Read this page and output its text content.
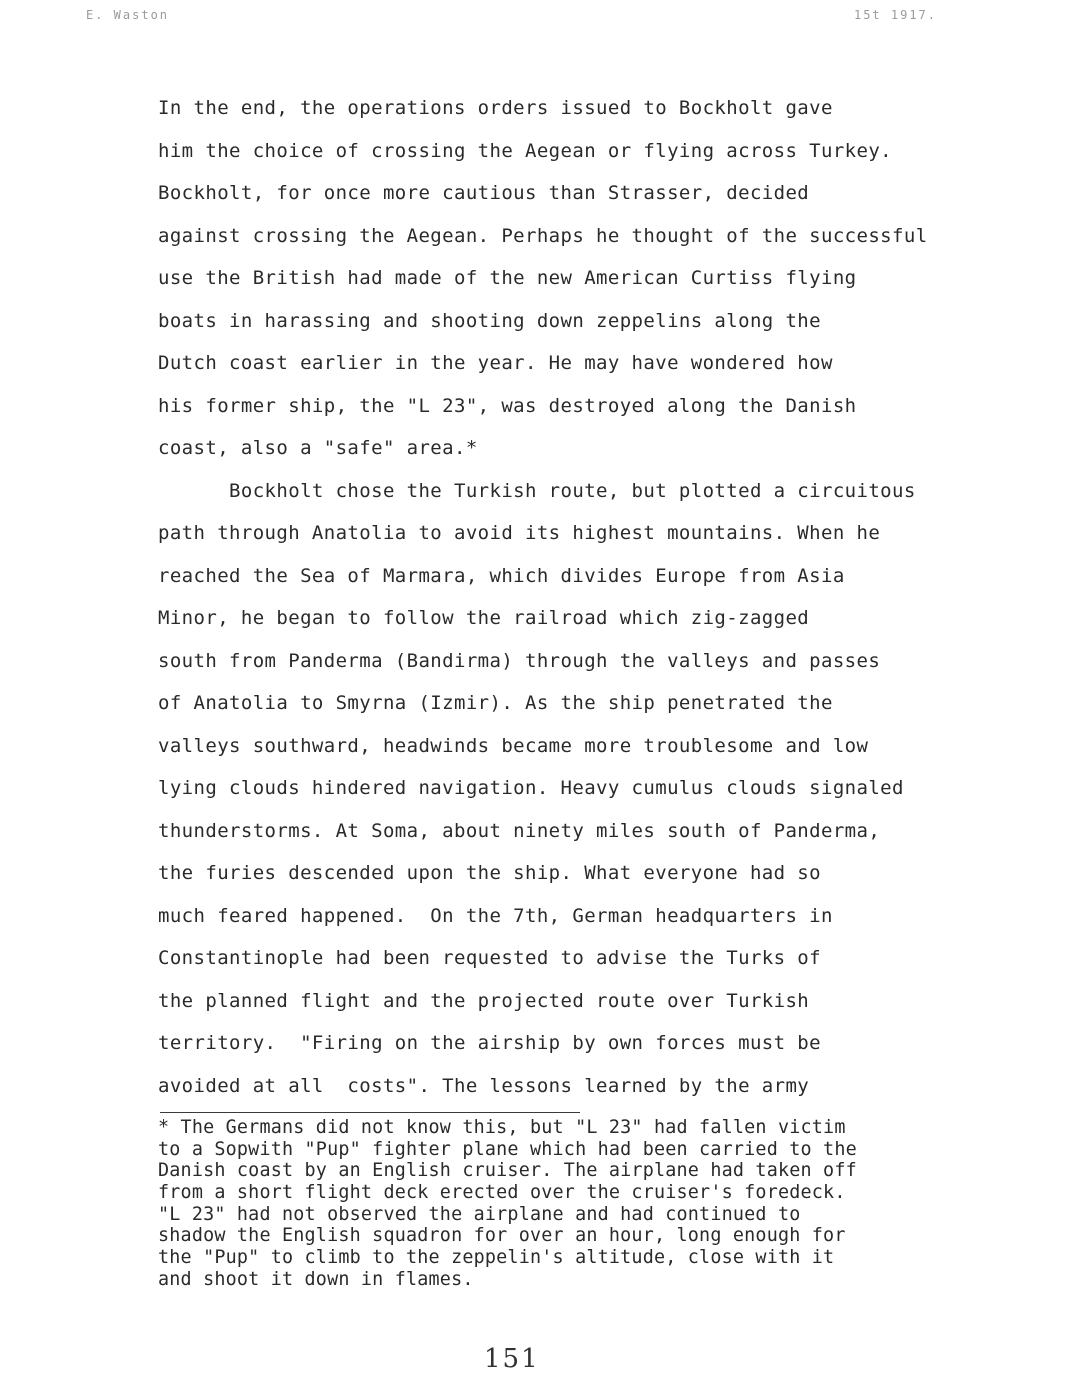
E. Waston	15t 1917.
In the end, the operations orders issued to Bockholt gave
him the choice of crossing the Aegean or flying across Turkey.
Bockholt, for once more cautious than Strasser, decided
against crossing the Aegean. Perhaps he thought of the successful
use the British had made of the new American Curtiss flying
boats in harassing and shooting down zeppelins along the
Dutch coast earlier in the year. He may have wondered how
his former ship, the "L 23", was destroyed along the Danish
coast, also a "safe" area.*
Bockholt chose the Turkish route, but plotted a circuitous
path through Anatolia to avoid its highest mountains. When he
reached the Sea of Marmara, which divides Europe from Asia
Minor, he began to follow the railroad which zig-zagged
south from Panderma (Bandirma) through the valleys and passes
of Anatolia to Smyrna (Izmir). As the ship penetrated the
valleys southward, headwinds became more troublesome and low
lying clouds hindered navigation. Heavy cumulus clouds signaled
thunderstorms. At Soma, about ninety miles south of Panderma,
the furies descended upon the ship. What everyone had so
much feared happened.  On the 7th, German headquarters in
Constantinople had been requested to advise the Turks of
the planned flight and the projected route over Turkish
territory.  "Firing on the airship by own forces must be
avoided at all  costs". The lessons learned by the army
* The Germans did not know this, but "L 23" had fallen victim
to a Sopwith "Pup" fighter plane which had been carried to the
Danish coast by an English cruiser. The airplane had taken off
from a short flight deck erected over the cruiser's foredeck.
"L 23" had not observed the airplane and had continued to
shadow the English squadron for over an hour, long enough for
the "Pup" to climb to the zeppelin's altitude, close with it
and shoot it down in flames.
151
